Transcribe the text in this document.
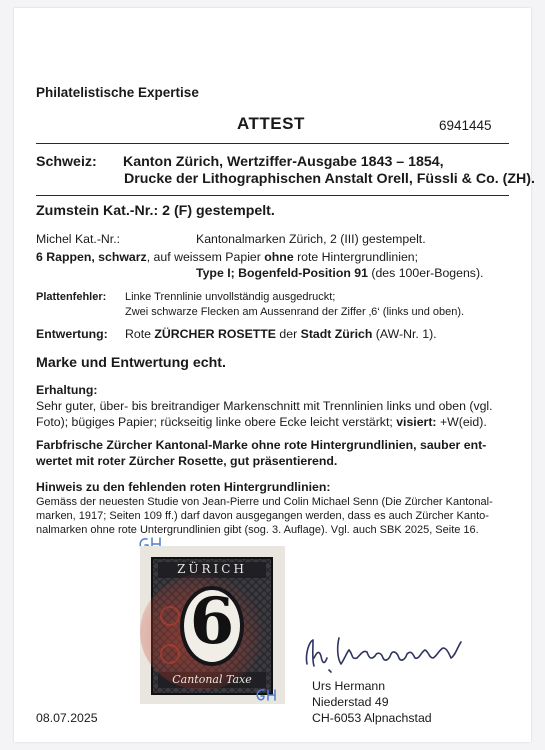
Philatelistische Expertise
ATTEST	6941445
Schweiz: Kanton Zürich, Wertziffer-Ausgabe 1843 – 1854,
Drucke der Lithographischen Anstalt Orell, Füssli & Co. (ZH).
Zumstein Kat.-Nr.: 2 (F) gestempelt.
Michel Kat.-Nr.:	Kantonalmarken Zürich, 2 (III) gestempelt.
6 Rappen, schwarz, auf weissem Papier ohne rote Hintergrundlinien;
Type I; Bogenfeld-Position 91 (des 100er-Bogens).
Plattenfehler: Linke Trennlinie unvollständig ausgedruckt;
Zwei schwarze Flecken am Aussenrand der Ziffer ‚6‘ (links und oben).
Entwertung: Rote ZÜRCHER ROSETTE der Stadt Zürich (AW-Nr. 1).
Marke und Entwertung echt.
Erhaltung:
Sehr guter, über- bis breitrandiger Markenschnitt mit Trennlinien links und oben (vgl.
Foto); bügiges Papier; rückseitig linke obere Ecke leicht verstärkt; visiert: +W(eid).
Farbfrische Zürcher Kantonal-Marke ohne rote Hintergrundlinien, sauber ent-
wertet mit roter Zürcher Rosette, gut präsentierend.
Hinweis zu den fehlenden roten Hintergrundlinien:
Gemäss der neuesten Studie von Jean-Pierre und Colin Michael Senn (Die Zürcher Kantonal-
marken, 1917; Seiten 109 ff.) darf davon ausgegangen werden, dass es auch Zürcher Kanto-
nalmarken ohne rote Untergrundlinien gibt (sog. 3. Auflage). Vgl. auch SBK 2025, Seite 16.
ZÜRICH
6
Cantonal Taxe	Urs Hermann
Niederstad 49
CH-6053 Alpnachstad
08.07.2025
